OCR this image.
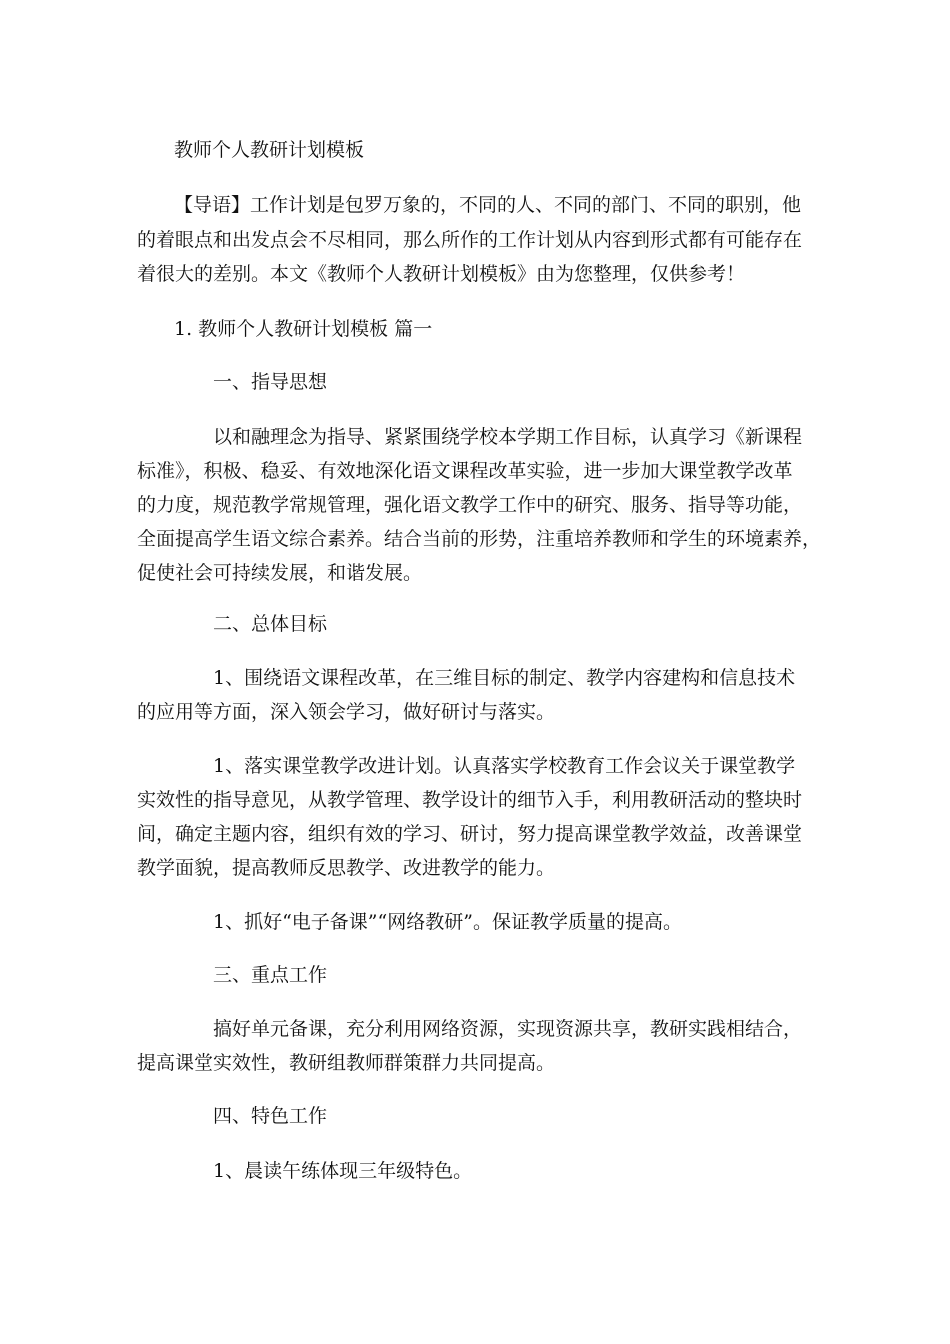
教师个人教研计划模板

【导语】工作计划是包罗万象的，不同的人、不同的部门、不同的职别，他

的着眼点和出发点会不尽相同，那么所作的工作计划从内容到形式都有可能存在

着很大的差别。本文《教师个人教研计划模板》由为您整理，仅供参考！

1. 教师个人教研计划模板 篇一

一、指导思想

以和融理念为指导、紧紧围绕学校本学期工作目标，认真学习《新课程

标准》，积极、稳妥、有效地深化语文课程改革实验，进一步加大课堂教学改革

的力度，规范教学常规管理，强化语文教学工作中的研究、服务、指导等功能，

全面提高学生语文综合素养。结合当前的形势，注重培养教师和学生的环境素养，

促使社会可持续发展，和谐发展。

二、总体目标

1、围绕语文课程改革，在三维目标的制定、教学内容建构和信息技术

的应用等方面，深入领会学习，做好研讨与落实。

1、落实课堂教学改进计划。认真落实学校教育工作会议关于课堂教学

实效性的指导意见，从教学管理、教学设计的细节入手，利用教研活动的整块时

间，确定主题内容，组织有效的学习、研讨，努力提高课堂教学效益，改善课堂

教学面貌，提高教师反思教学、改进教学的能力。

1、抓好“电子备课”“网络教研”。保证教学质量的提高。

三、重点工作

搞好单元备课，充分利用网络资源，实现资源共享，教研实践相结合，

提高课堂实效性，教研组教师群策群力共同提高。

四、特色工作

1、晨读午练体现三年级特色。
